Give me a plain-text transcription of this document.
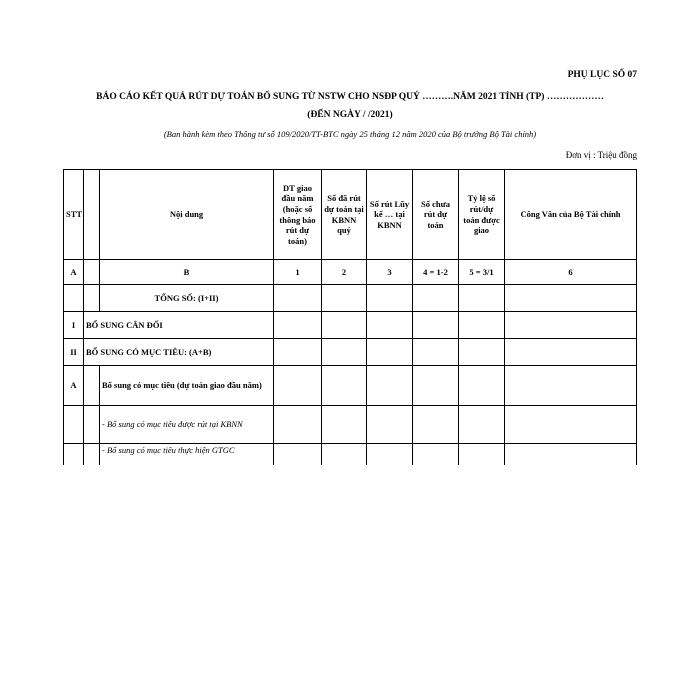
PHỤ LỤC SỐ 07
BÁO CÁO KẾT QUẢ RÚT DỰ TOÁN BỔ SUNG TỪ NSTW CHO NSĐP QUÝ ……….NĂM 2021 TỈNH (TP) ………………
(ĐẾN NGÀY / /2021)
(Ban hành kèm theo Thông tư số 109/2020/TT-BTC ngày 25 tháng 12 năm 2020 của Bộ trưởng Bộ Tài chính)
Đơn vị : Triệu đồng
STT		Nội dung	DT giao đầu năm (hoặc số thông báo rút dự toán)	Số đã rút dự toán tại KBNN quý	Số rút Lũy kế … tại KBNN	Số chưa rút dự toán	Tỷ lệ số rút/dự toán được giao	Công Văn của Bộ Tài chính
A		B	1	2	3	4 = 1-2	5 = 3/1	6
		TỔNG SỐ: (I+II)						
I	BỔ SUNG CÂN ĐỐI							
II	BỔ SUNG CÓ MỤC TIÊU: (A+B)							
A		Bổ sung có mục tiêu (dự toán giao đầu năm)						
		- Bổ sung có mục tiêu được rút tại KBNN						
		- Bổ sung có mục tiêu thực hiện GTGC						
